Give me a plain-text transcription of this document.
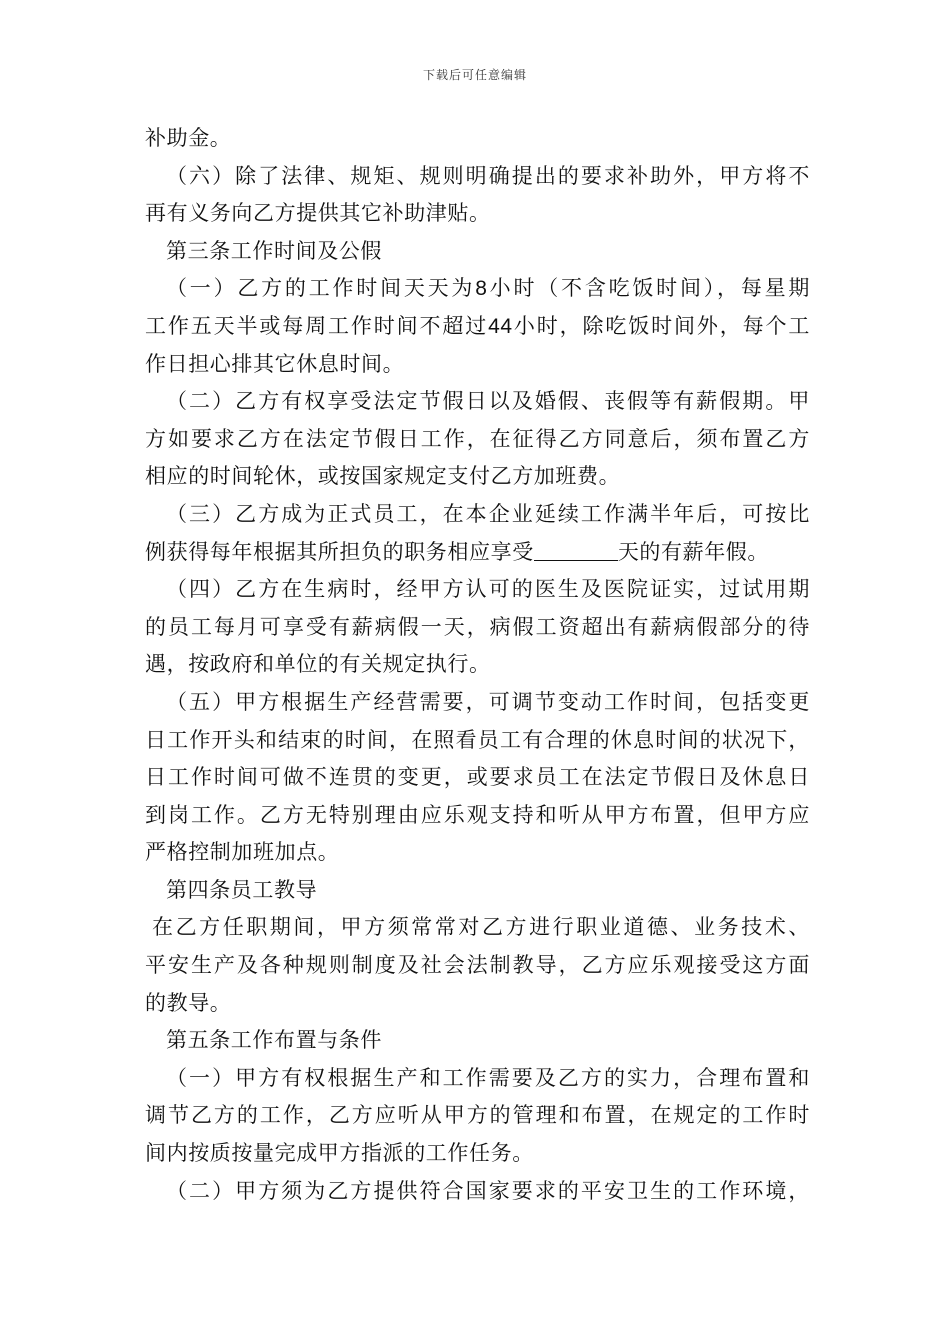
下载后可任意编辑
补助金。
（六）除了法律、规矩、规则明确提出的要求补助外，甲方将不
再有义务向乙方提供其它补助津贴。
第三条工作时间及公假
（一）乙方的工作时间天天为8小时（不含吃饭时间），每星期
工作五天半或每周工作时间不超过44小时，除吃饭时间外，每个工
作日担心排其它休息时间。
（二）乙方有权享受法定节假日以及婚假、丧假等有薪假期。甲
方如要求乙方在法定节假日工作，在征得乙方同意后，须布置乙方
相应的时间轮休，或按国家规定支付乙方加班费。
（三）乙方成为正式员工，在本企业延续工作满半年后，可按比
例获得每年根据其所担负的职务相应享受	天的有薪年假。
（四）乙方在生病时，经甲方认可的医生及医院证实，过试用期
的员工每月可享受有薪病假一天，病假工资超出有薪病假部分的待
遇，按政府和单位的有关规定执行。
（五）甲方根据生产经营需要，可调节变动工作时间，包括变更
日工作开头和结束的时间，在照看员工有合理的休息时间的状况下，
日工作时间可做不连贯的变更，或要求员工在法定节假日及休息日
到岗工作。乙方无特别理由应乐观支持和听从甲方布置，但甲方应
严格控制加班加点。
第四条员工教导
在乙方任职期间，甲方须常常对乙方进行职业道德、业务技术、
平安生产及各种规则制度及社会法制教导，乙方应乐观接受这方面
的教导。
第五条工作布置与条件
（一）甲方有权根据生产和工作需要及乙方的实力，合理布置和
调节乙方的工作，乙方应听从甲方的管理和布置，在规定的工作时
间内按质按量完成甲方指派的工作任务。
（二）甲方须为乙方提供符合国家要求的平安卫生的工作环境，
